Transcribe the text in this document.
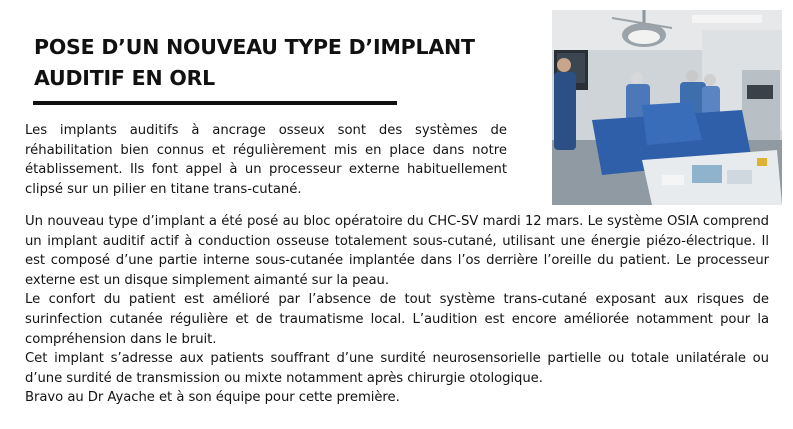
POSE D’UN NOUVEAU TYPE D’IMPLANT
AUDITIF EN ORL

Les implants auditifs à ancrage osseux sont des systèmes de réhabilitation bien connus et régulièrement mis en place dans notre établissement. Ils font appel à un processeur externe habituellement clipsé sur un pilier en titane trans-cutané.

Un nouveau type d’implant a été posé au bloc opératoire du CHC-SV mardi 12 mars. Le système OSIA comprend un implant auditif actif à conduction osseuse totalement sous-cutané, utilisant une énergie piézo-électrique. Il est composé d’une partie interne sous-cutanée implantée dans l’os derrière l’oreille du patient. Le processeur externe est un disque simplement aimanté sur la peau.

Le confort du patient est amélioré par l’absence de tout système trans-cutané exposant aux risques de surinfection cutanée régulière et de traumatisme local. L’audition est encore améliorée notamment pour la compréhension dans le bruit.

Cet implant s’adresse aux patients souffrant d’une surdité neurosensorielle partielle ou totale unilatérale ou d’une surdité de transmission ou mixte notamment après chirurgie otologique.

Bravo au Dr Ayache et à son équipe pour cette première.
